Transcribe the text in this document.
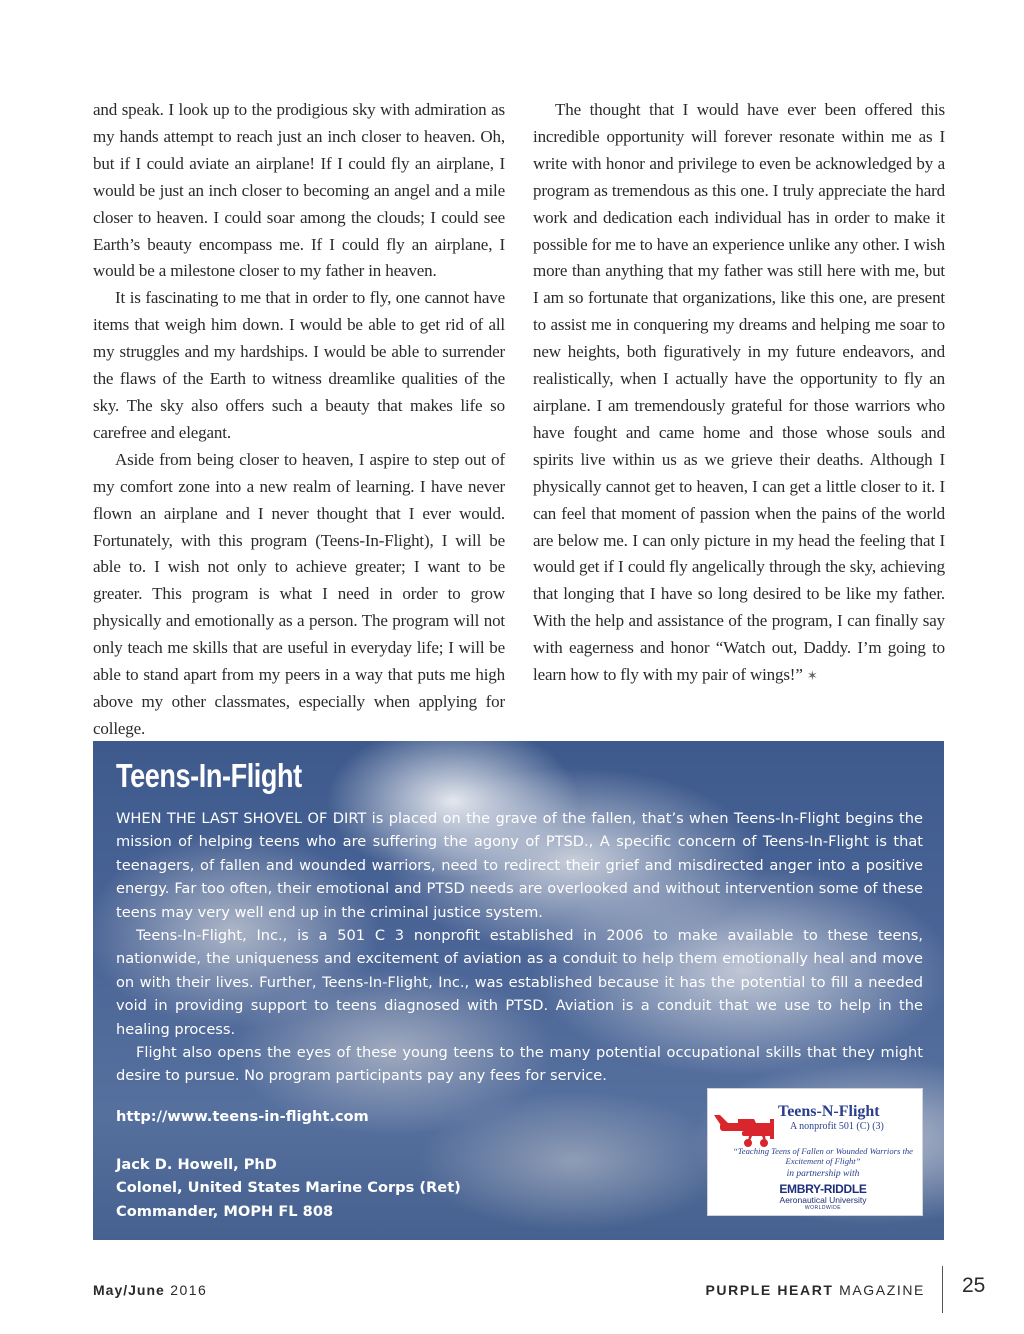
and speak. I look up to the prodigious sky with admiration as my hands attempt to reach just an inch closer to heaven. Oh, but if I could aviate an airplane! If I could fly an airplane, I would be just an inch closer to becoming an angel and a mile closer to heaven. I could soar among the clouds; I could see Earth’s beauty encompass me. If I could fly an airplane, I would be a milestone closer to my father in heaven.

It is fascinating to me that in order to fly, one cannot have items that weigh him down. I would be able to get rid of all my struggles and my hardships. I would be able to surrender the flaws of the Earth to witness dreamlike qualities of the sky. The sky also offers such a beauty that makes life so carefree and elegant.

Aside from being closer to heaven, I aspire to step out of my comfort zone into a new realm of learning. I have never flown an airplane and I never thought that I ever would. Fortunately, with this program (Teens-In-Flight), I will be able to. I wish not only to achieve greater; I want to be greater. This program is what I need in order to grow physically and emotionally as a person. The program will not only teach me skills that are useful in everyday life; I will be able to stand apart from my peers in a way that puts me high above my other classmates, especially when applying for college.

The thought that I would have ever been offered this incredible opportunity will forever resonate within me as I write with honor and privilege to even be acknowledged by a program as tremendous as this one. I truly appreciate the hard work and dedication each individual has in order to make it possible for me to have an experience unlike any other. I wish more than anything that my father was still here with me, but I am so fortunate that organizations, like this one, are present to assist me in conquering my dreams and helping me soar to new heights, both figuratively in my future endeavors, and realistically, when I actually have the opportunity to fly an airplane. I am tremendously grateful for those warriors who have fought and came home and those whose souls and spirits live within us as we grieve their deaths. Although I physically cannot get to heaven, I can get a little closer to it. I can feel that moment of passion when the pains of the world are below me. I can only picture in my head the feeling that I would get if I could fly angelically through the sky, achieving that longing that I have so long desired to be like my father. With the help and assistance of the program, I can finally say with eagerness and honor “Watch out, Daddy. I’m going to learn how to fly with my pair of wings!” ✶

Teens-In-Flight

WHEN THE LAST SHOVEL OF DIRT is placed on the grave of the fallen, that’s when Teens-In-Flight begins the mission of helping teens who are suffering the agony of PTSD., A specific concern of Teens-In-Flight is that teenagers, of fallen and wounded warriors, need to redirect their grief and misdirected anger into a positive energy. Far too often, their emotional and PTSD needs are overlooked and without intervention some of these teens may very well end up in the criminal justice system.

Teens-In-Flight, Inc., is a 501 C 3 nonprofit established in 2006 to make available to these teens, nationwide, the uniqueness and excitement of aviation as a conduit to help them emotionally heal and move on with their lives. Further, Teens-In-Flight, Inc., was established because it has the potential to fill a needed void in providing support to teens diagnosed with PTSD. Aviation is a conduit that we use to help in the healing process.

Flight also opens the eyes of these young teens to the many potential occupational skills that they might desire to pursue. No program participants pay any fees for service.

http://www.teens-in-flight.com
Jack D. Howell, PhD
Colonel, United States Marine Corps (Ret)
Commander, MOPH FL 808
Teens-N-Flight
A nonprofit 501 (C) (3)
“Teaching Teens of Fallen or Wounded Warriors the Excitement of Flight”
in partnership with
EMBRY-RIDDLE
Aeronautical University
WORLDWIDE
May/June 2016	PURPLE HEART MAGAZINE 25
